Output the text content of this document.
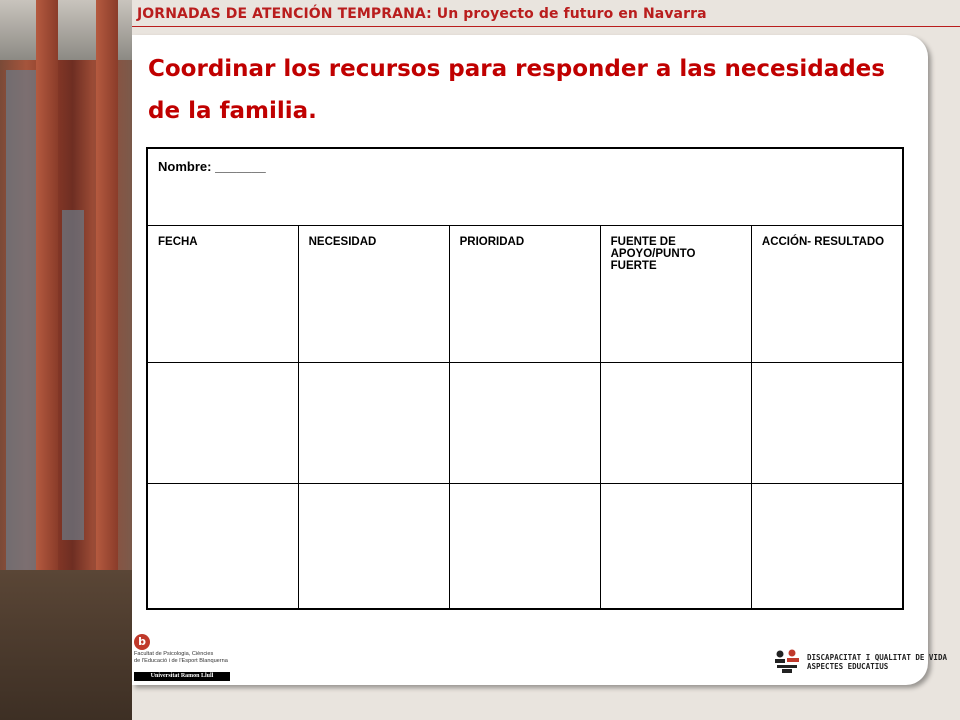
JORNADAS DE ATENCIÓN TEMPRANA: Un proyecto de futuro en Navarra
Coordinar los recursos para responder a las necesidades de la familia.
Nombre: _______				
FECHA	NECESIDAD	PRIORIDAD	FUENTE DE APOYO/PUNTO FUERTE	ACCIÓN- RESULTADO

b
Facultat de Psicologia, Ciències
de l'Educació i de l'Esport Blanquerna
Universitat Ramon Llull
DISCAPACITAT I QUALITAT DE VIDA
ASPECTES EDUCATIUS
